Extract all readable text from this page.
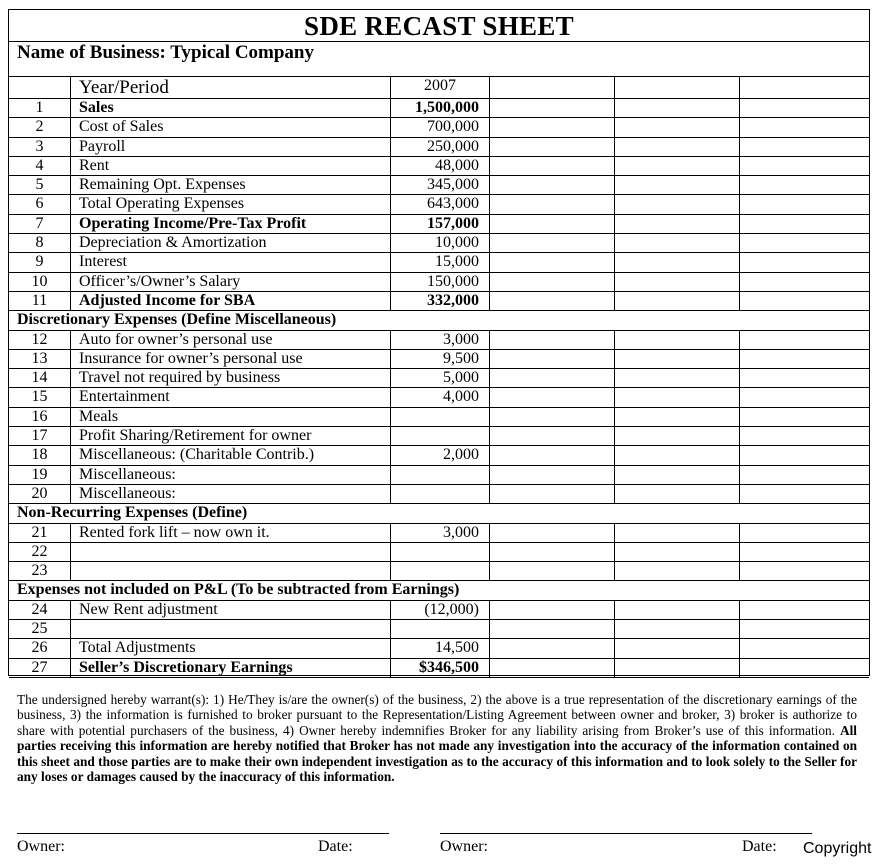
SDE RECAST SHEET
Name of Business: Typical Company
Year/Period	2007
1	Sales	1,500,000
2	Cost of Sales	700,000
3	Payroll	250,000
4	Rent	48,000
5	Remaining Opt. Expenses	345,000
6	Total Operating Expenses	643,000
7	Operating Income/Pre-Tax Profit	157,000
8	Depreciation & Amortization	10,000
9	Interest	15,000
10	Officer’s/Owner’s Salary	150,000
11	Adjusted Income for SBA	332,000
Discretionary Expenses (Define Miscellaneous)
12	Auto for owner’s personal use	3,000
13	Insurance for owner’s personal use	9,500
14	Travel not required by business	5,000
15	Entertainment	4,000
16	Meals
17	Profit Sharing/Retirement for owner
18	Miscellaneous: (Charitable Contrib.)	2,000
19	Miscellaneous:
20	Miscellaneous:
Non-Recurring Expenses (Define)
21	Rented fork lift – now own it.	3,000
22
23
Expenses not included on P&L (To be subtracted from Earnings)
24	New Rent adjustment	(12,000)
25
26	Total Adjustments	14,500
27	Seller’s Discretionary Earnings	$346,500
The undersigned hereby warrant(s): 1) He/They is/are the owner(s) of the business, 2) the above is a true representation of the discretionary earnings of the business, 3) the information is furnished to broker pursuant to the Representation/Listing Agreement between owner and broker, 3) broker is authorize to share with potential purchasers of the business, 4) Owner hereby indemnifies Broker for any liability arising from Broker’s use of this information. All parties receiving this information are hereby notified that Broker has not made any investigation into the accuracy of the information contained on this sheet and those parties are to make their own independent investigation as to the accuracy of this information and to look solely to the Seller for any loses or damages caused by the inaccuracy of this information.
Owner:	Date:	Owner:	Date: Copyright
